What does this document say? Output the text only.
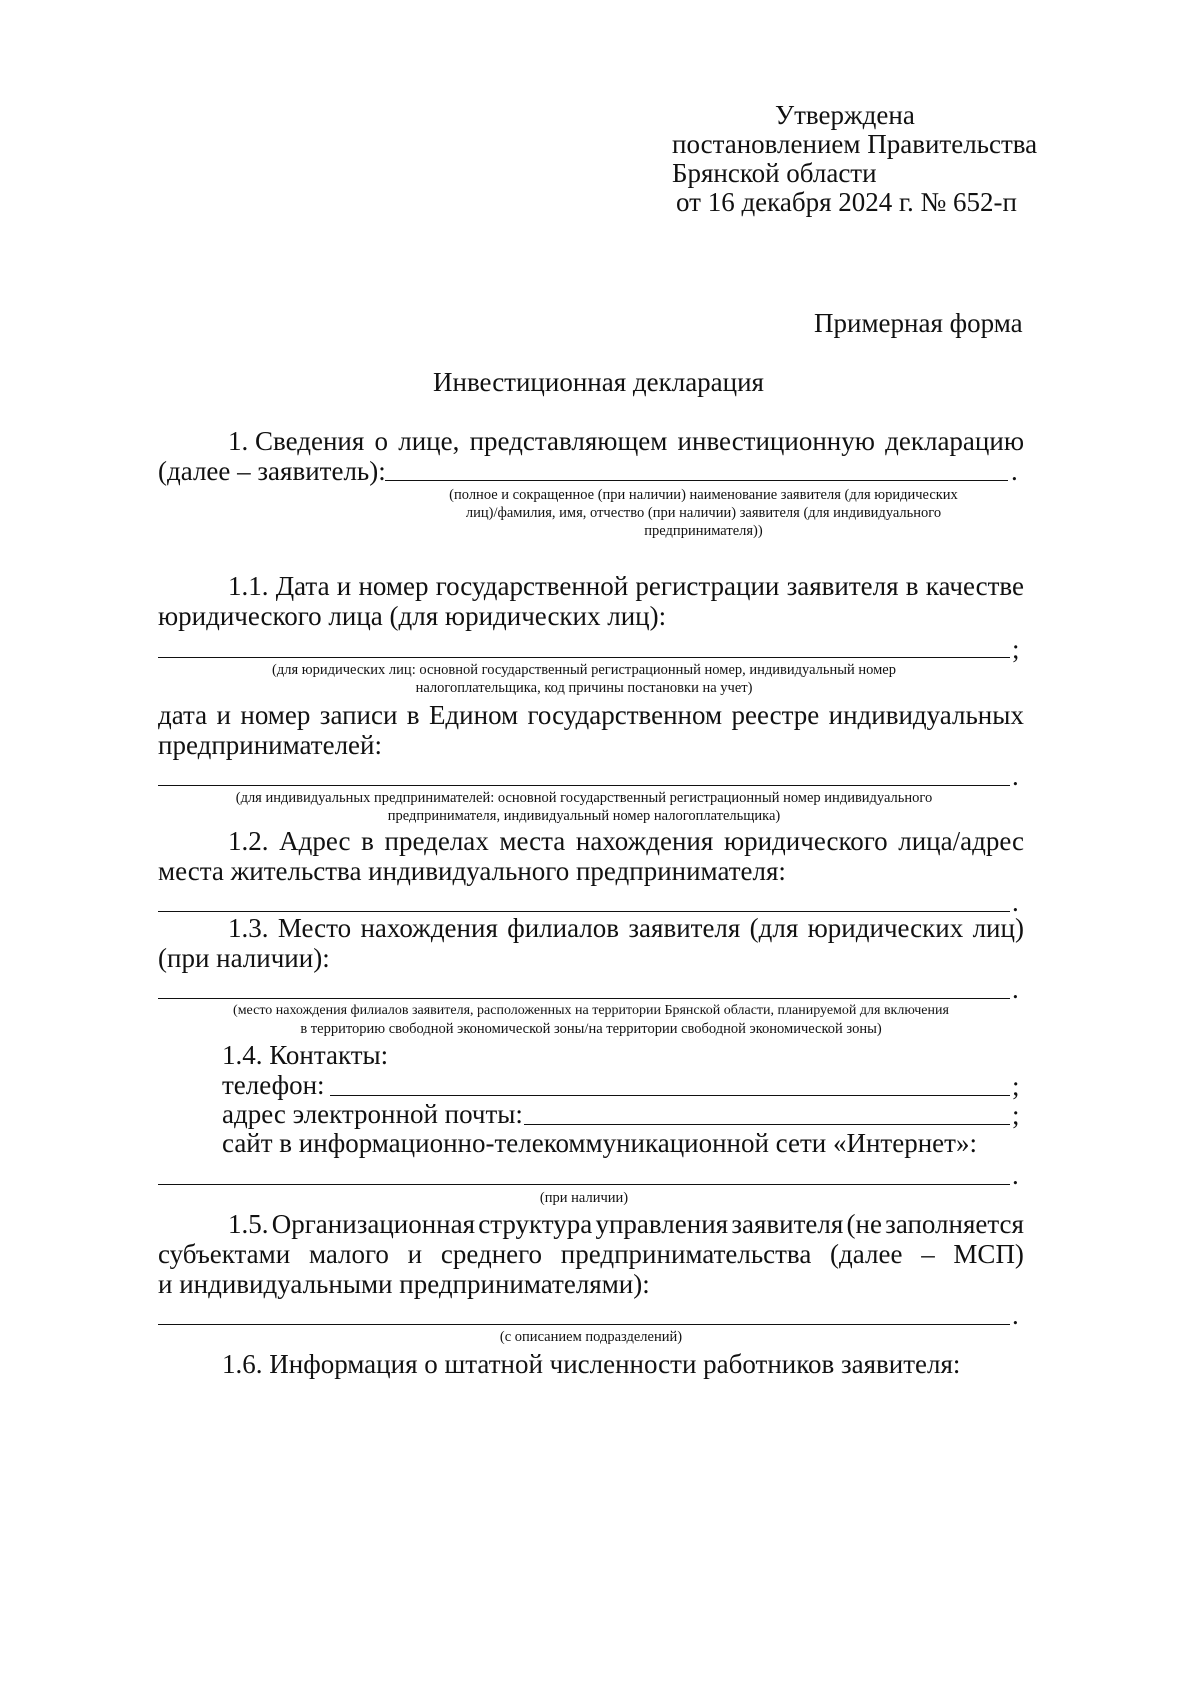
Утверждена
постановлением Правительства
Брянской области
от 16 декабря 2024 г. № 652-п
Примерная форма
Инвестиционная декларация
1. Сведения о лице, представляющем инвестиционную декларацию
(далее – заявитель):	.
(полное и сокращенное (при наличии) наименование заявителя (для юридических
лиц)/фамилия, имя, отчество (при наличии) заявителя (для индивидуального
предпринимателя))
1.1. Дата и номер государственной регистрации заявителя в качестве
юридического лица (для юридических лиц):
;
(для юридических лиц: основной государственный регистрационный номер, индивидуальный номер
налогоплательщика, код причины постановки на учет)
дата и номер записи в Едином государственном реестре индивидуальных
предпринимателей:
.
(для индивидуальных предпринимателей: основной государственный регистрационный номер индивидуального
предпринимателя, индивидуальный номер налогоплательщика)
1.2. Адрес в пределах места нахождения юридического лица/адрес
места жительства индивидуального предпринимателя:
.
1.3. Место нахождения филиалов заявителя (для юридических лиц)
(при наличии):
.
(место нахождения филиалов заявителя, расположенных на территории Брянской области, планируемой для включения
в территорию свободной экономической зоны/на территории свободной экономической зоны)
1.4. Контакты:
телефон:	;
адрес электронной почты:	;
сайт в информационно-телекоммуникационной сети «Интернет»:
.
(при наличии)
1.5. Организационная структура управления заявителя (не заполняется
субъектами малого и среднего предпринимательства (далее – МСП)
и индивидуальными предпринимателями):
.
(с описанием подразделений)
1.6. Информация о штатной численности работников заявителя:
